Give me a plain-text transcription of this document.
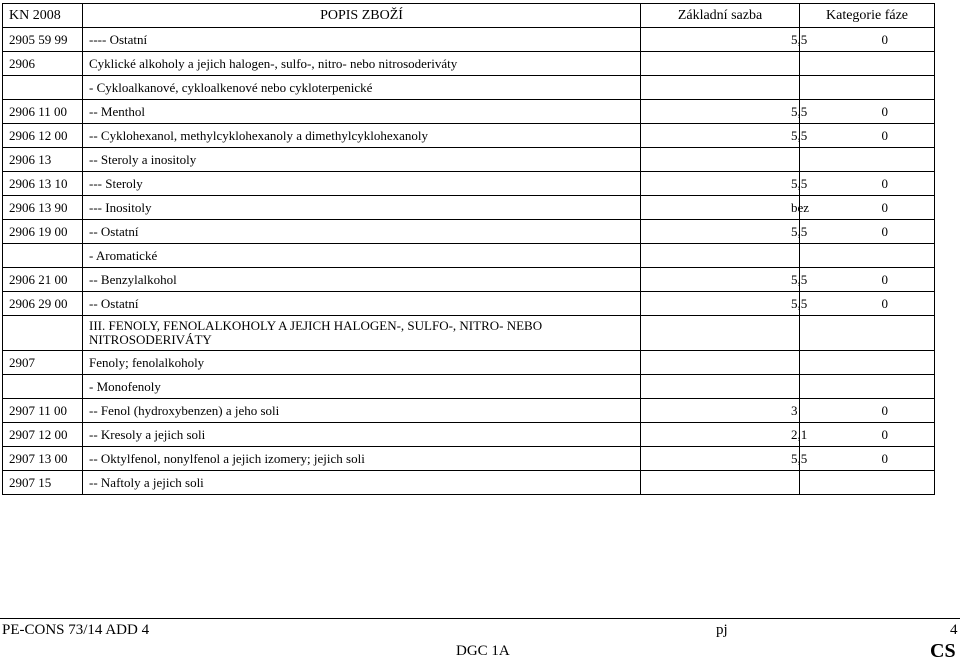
KN 2008	POPIS ZBOŽÍ	Základní sazba	Kategorie fáze
2905 59 99	---- Ostatní	5,5	0
2906	Cyklické alkoholy a jejich halogen-, sulfo-, nitro- nebo nitrosoderiváty		
	- Cykloalkanové, cykloalkenové nebo cykloterpenické		
2906 11 00	-- Menthol	5,5	0
2906 12 00	-- Cyklohexanol, methylcyklohexanoly a dimethylcyklohexanoly	5,5	0
2906 13	-- Steroly a inositoly		
2906 13 10	--- Steroly	5,5	0
2906 13 90	--- Inositoly	bez	0
2906 19 00	-- Ostatní	5,5	0
	- Aromatické		
2906 21 00	-- Benzylalkohol	5,5	0
2906 29 00	-- Ostatní	5,5	0
	III. FENOLY, FENOLALKOHOLY A JEJICH HALOGEN-, SULFO-, NITRO- NEBO NITROSODERIVÁTY		
2907	Fenoly; fenolalkoholy		
	- Monofenoly		
2907 11 00	-- Fenol (hydroxybenzen) a jeho soli	3	0
2907 12 00	-- Kresoly a jejich soli	2,1	0
2907 13 00	-- Oktylfenol, nonylfenol a jejich izomery; jejich soli	5,5	0
2907 15	-- Naftoly a jejich soli		
PE-CONS 73/14 ADD 4	pj	4
DGC 1A	CS
